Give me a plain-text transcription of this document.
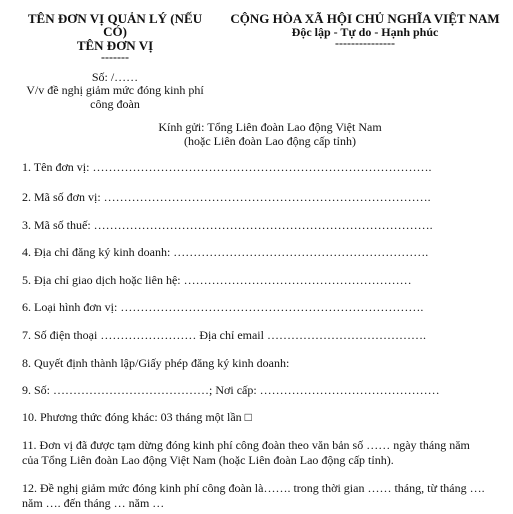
TÊN ĐƠN VỊ QUẢN LÝ (NẾU
CÓ)
TÊN ĐƠN VỊ
-------
CỘNG HÒA XÃ HỘI CHỦ NGHĨA VIỆT NAM
Độc lập - Tự do - Hạnh phúc
---------------
Số: /……
V/v đề nghị giảm mức đóng kinh phí
công đoàn
Kính gửi: Tổng Liên đoàn Lao động Việt Nam
(hoặc Liên đoàn Lao động cấp tỉnh)
1. Tên đơn vị: ………………………………………………………………………….
2. Mã số đơn vị: ……………………………………………………………………….
3. Mã số thuế: ………………………………………………………………………….
4. Địa chỉ đăng ký kinh doanh: ……………………………………………………….
5. Địa chỉ giao dịch hoặc liên hệ: …………………………………………………
6. Loại hình đơn vị: ………………………………………………………………….
7. Số điện thoại …………………… Địa chỉ email ………………………………….
8. Quyết định thành lập/Giấy phép đăng ký kinh doanh:
9. Số: …………………………………; Nơi cấp: ………………………………………
10. Phương thức đóng khác: 03 tháng một lần □
11. Đơn vị đã được tạm dừng đóng kinh phí công đoàn theo văn bản số …… ngày tháng năm
của Tổng Liên đoàn Lao động Việt Nam (hoặc Liên đoàn Lao động cấp tỉnh).
12. Đề nghị giảm mức đóng kinh phí công đoàn là……. trong thời gian …… tháng, từ tháng ….
năm …. đến tháng … năm …
